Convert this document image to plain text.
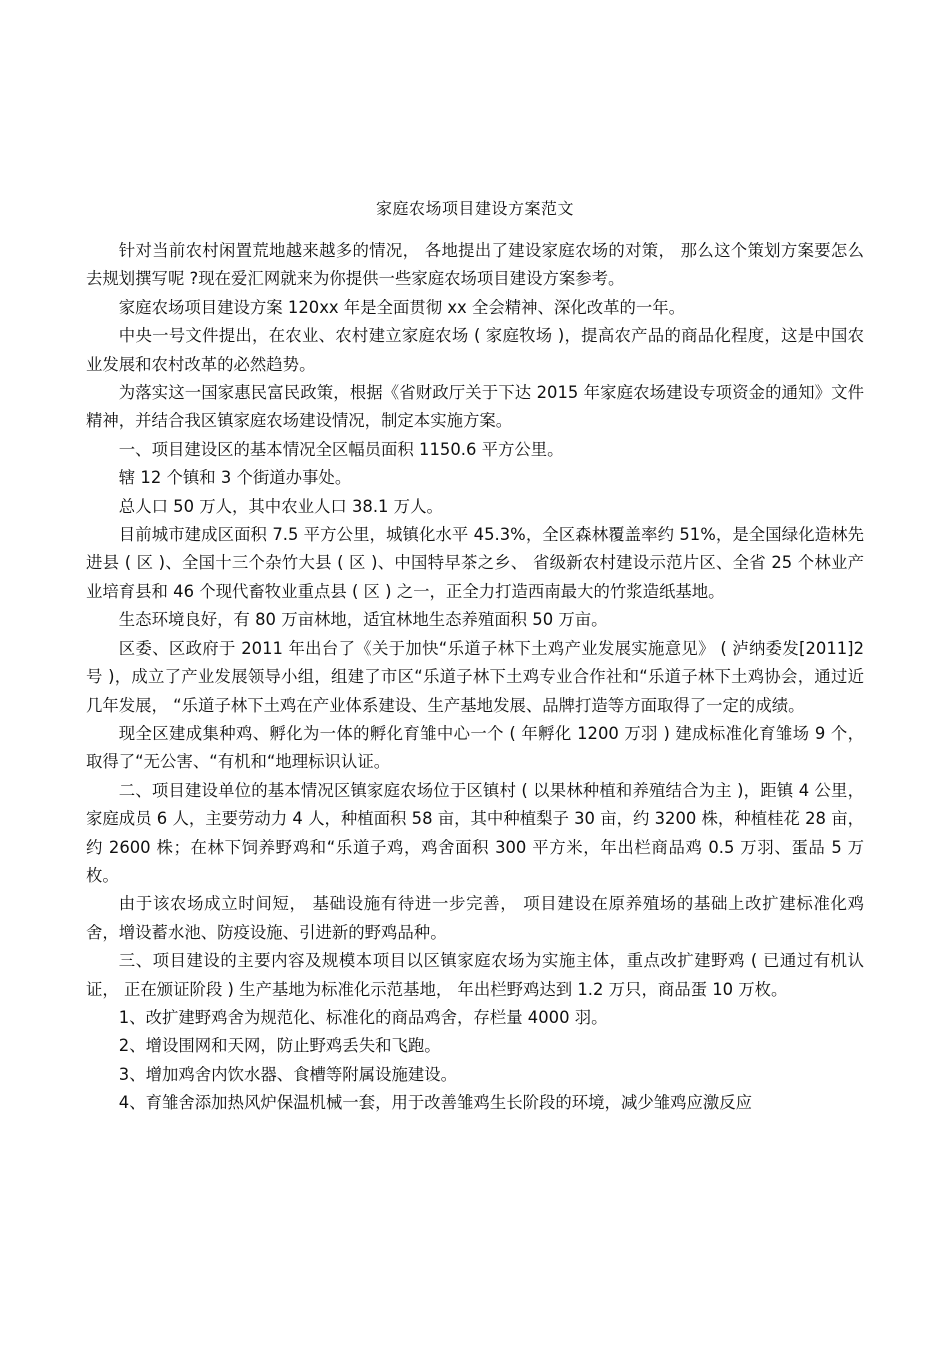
家庭农场项目建设方案范文

针对当前农村闲置荒地越来越多的情况， 各地提出了建设家庭农场的对策， 那么这个策划方案要怎么去规划撰写呢 ?现在爱汇网就来为你提供一些家庭农场项目建设方案参考。

家庭农场项目建设方案 120xx 年是全面贯彻 xx 全会精神、深化改革的一年。

中央一号文件提出，在农业、农村建立家庭农场 ( 家庭牧场 )，提高农产品的商品化程度，这是中国农业发展和农村改革的必然趋势。

为落实这一国家惠民富民政策，根据《省财政厅关于下达 2015 年家庭农场建设专项资金的通知》文件精神，并结合我区镇家庭农场建设情况，制定本实施方案。

一、项目建设区的基本情况全区幅员面积 1150.6 平方公里。

辖 12 个镇和 3 个街道办事处。

总人口 50 万人，其中农业人口 38.1 万人。

目前城市建成区面积 7.5 平方公里，城镇化水平 45.3%，全区森林覆盖率约 51%，是全国绿化造林先进县 ( 区 )、全国十三个杂竹大县 ( 区 )、中国特早茶之乡、 省级新农村建设示范片区、全省 25 个林业产业培育县和 46 个现代畜牧业重点县 ( 区 ) 之一，正全力打造西南最大的竹浆造纸基地。

生态环境良好，有 80 万亩林地，适宜林地生态养殖面积 50 万亩。

区委、区政府于 2011 年出台了《关于加快“乐道子林下土鸡产业发展实施意见》 ( 泸纳委发[2011]2 号 )，成立了产业发展领导小组，组建了市区“乐道子林下土鸡专业合作社和“乐道子林下土鸡协会，通过近几年发展， “乐道子林下土鸡在产业体系建设、生产基地发展、品牌打造等方面取得了一定的成绩。

现全区建成集种鸡、孵化为一体的孵化育雏中心一个 ( 年孵化 1200 万羽 ) 建成标准化育雏场 9 个，取得了“无公害、“有机和“地理标识认证。

二、项目建设单位的基本情况区镇家庭农场位于区镇村 ( 以果林种植和养殖结合为主 )，距镇 4 公里，家庭成员 6 人，主要劳动力 4 人，种植面积 58 亩，其中种植梨子 30 亩，约 3200 株，种植桂花 28 亩，约 2600 株；在林下饲养野鸡和“乐道子鸡，鸡舍面积 300 平方米，年出栏商品鸡 0.5 万羽、蛋品 5 万枚。

由于该农场成立时间短， 基础设施有待进一步完善， 项目建设在原养殖场的基础上改扩建标准化鸡舍，增设蓄水池、防疫设施、引进新的野鸡品种。

三、项目建设的主要内容及规模本项目以区镇家庭农场为实施主体，重点改扩建野鸡 ( 已通过有机认证， 正在颁证阶段 ) 生产基地为标准化示范基地， 年出栏野鸡达到 1.2 万只，商品蛋 10 万枚。

1、改扩建野鸡舍为规范化、标准化的商品鸡舍，存栏量 4000 羽。

2、增设围网和天网，防止野鸡丢失和飞跑。

3、增加鸡舍内饮水器、食槽等附属设施建设。

4、育雏舍添加热风炉保温机械一套，用于改善雏鸡生长阶段的环境，减少雏鸡应激反应
